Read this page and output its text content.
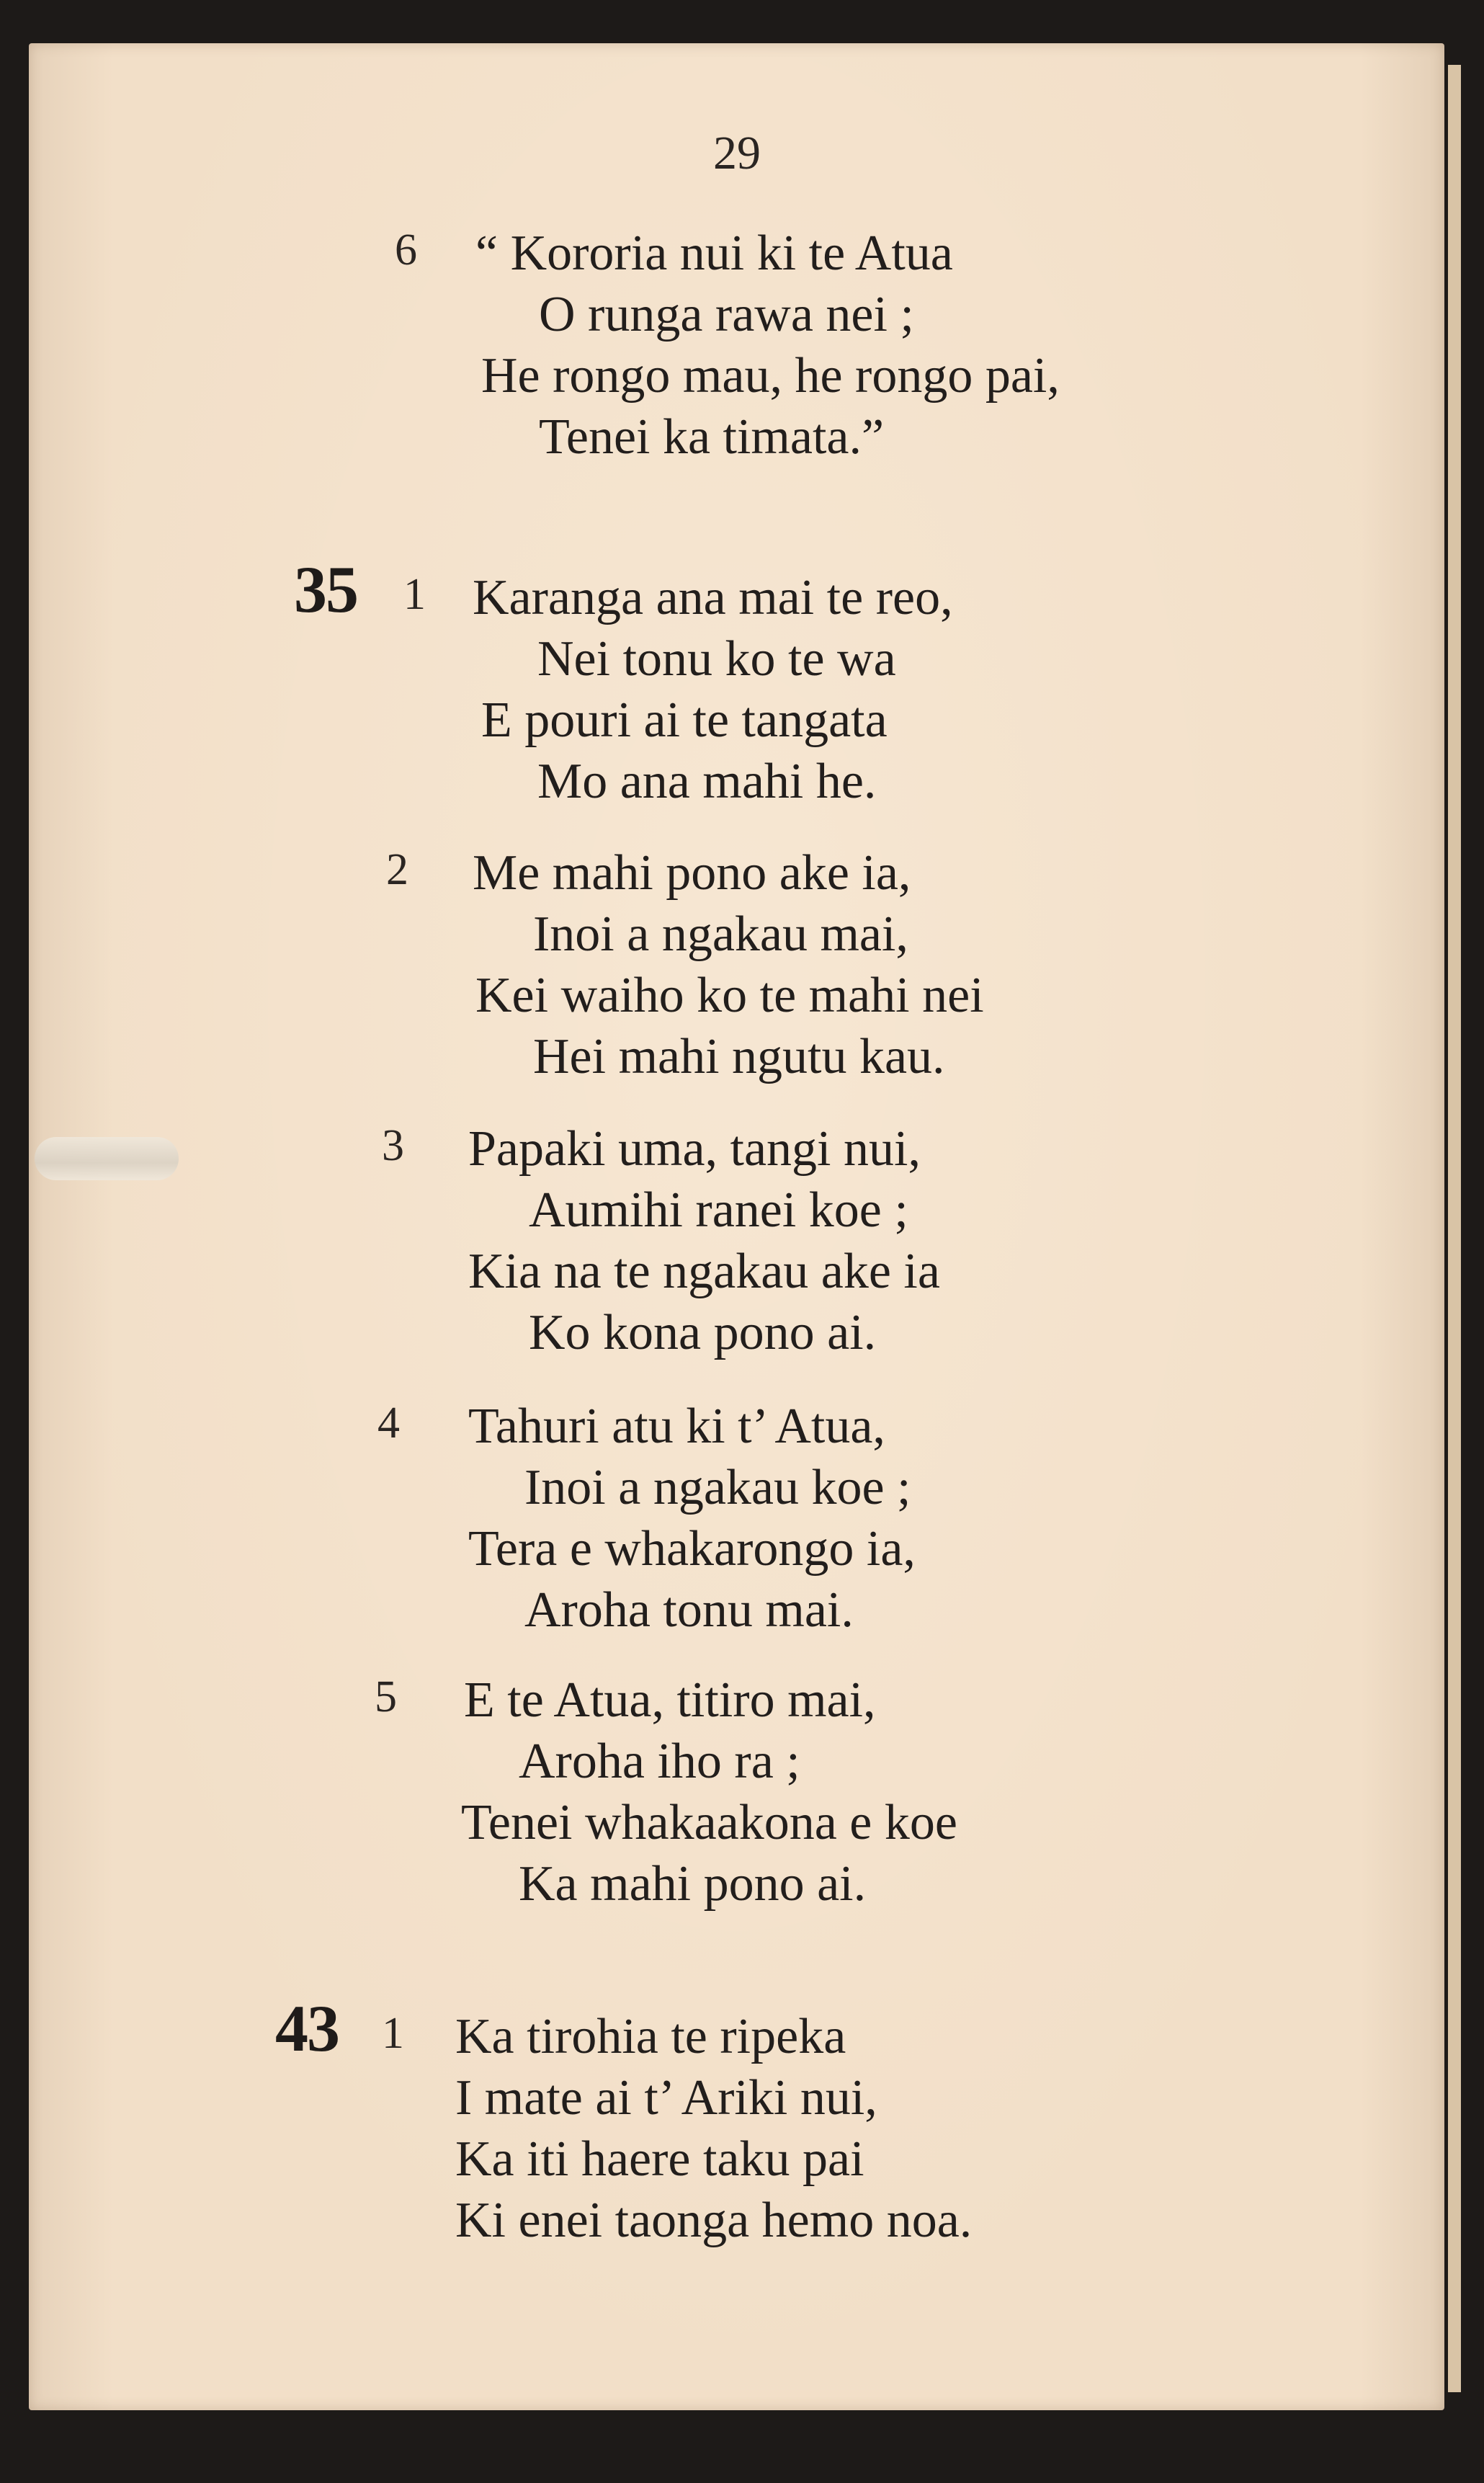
29
6 “ Kororia nui ki te Atua
O runga rawa nei ;
He rongo mau, he rongo pai,
Tenei ka timata.”
35 1 Karanga ana mai te reo,
Nei tonu ko te wa
E pouri ai te tangata
Mo ana mahi he.
2 Me mahi pono ake ia,
Inoi a ngakau mai,
Kei waiho ko te mahi nei
Hei mahi ngutu kau.
3 Papaki uma, tangi nui,
Aumihi ranei koe ;
Kia na te ngakau ake ia
Ko kona pono ai.
4 Tahuri atu ki t’ Atua,
Inoi a ngakau koe ;
Tera e whakarongo ia,
Aroha tonu mai.
5 E te Atua, titiro mai,
Aroha iho ra ;
Tenei whakaakona e koe
Ka mahi pono ai.
43 1 Ka tirohia te ripeka
I mate ai t’ Ariki nui,
Ka iti haere taku pai
Ki enei taonga hemo noa.
